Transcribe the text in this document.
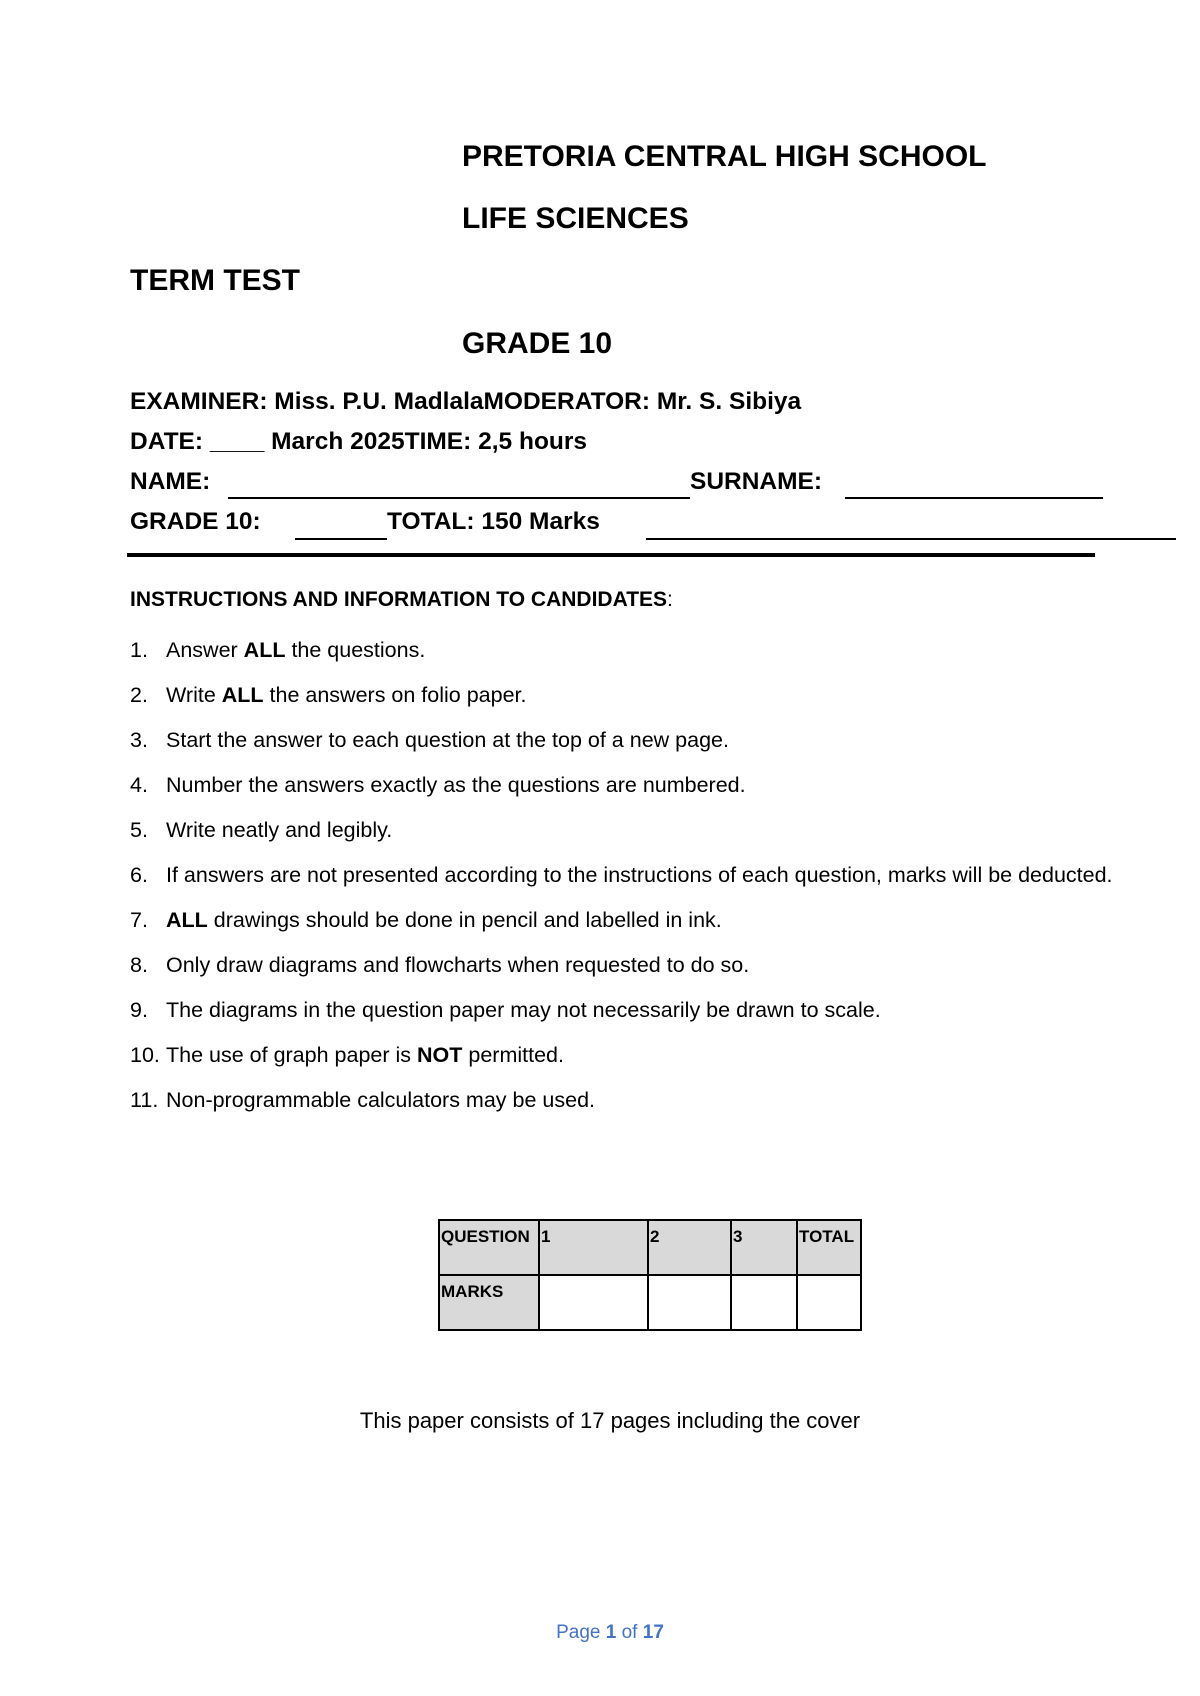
PRETORIA CENTRAL HIGH SCHOOL
LIFE SCIENCES
TERM TEST
GRADE 10
EXAMINER: Miss. P.U. MadlalaMODERATOR: Mr. S. Sibiya
DATE: ____ March 2025TIME: 2,5 hours
NAME:	SURNAME:
GRADE 10:	TOTAL: 150 Marks
INSTRUCTIONS AND INFORMATION TO CANDIDATES:
1. Answer ALL the questions.
2. Write ALL the answers on folio paper.
3. Start the answer to each question at the top of a new page.
4. Number the answers exactly as the questions are numbered.
5. Write neatly and legibly.
6. If answers are not presented according to the instructions of each question, marks will be deducted.
7. ALL drawings should be done in pencil and labelled in ink.
8. Only draw diagrams and flowcharts when requested to do so.
9. The diagrams in the question paper may not necessarily be drawn to scale.
10. The use of graph paper is NOT permitted.
11. Non-programmable calculators may be used.
QUESTION	1	2	3	TOTAL
MARKS				
This paper consists of 17 pages including the cover
Page 1 of 17
